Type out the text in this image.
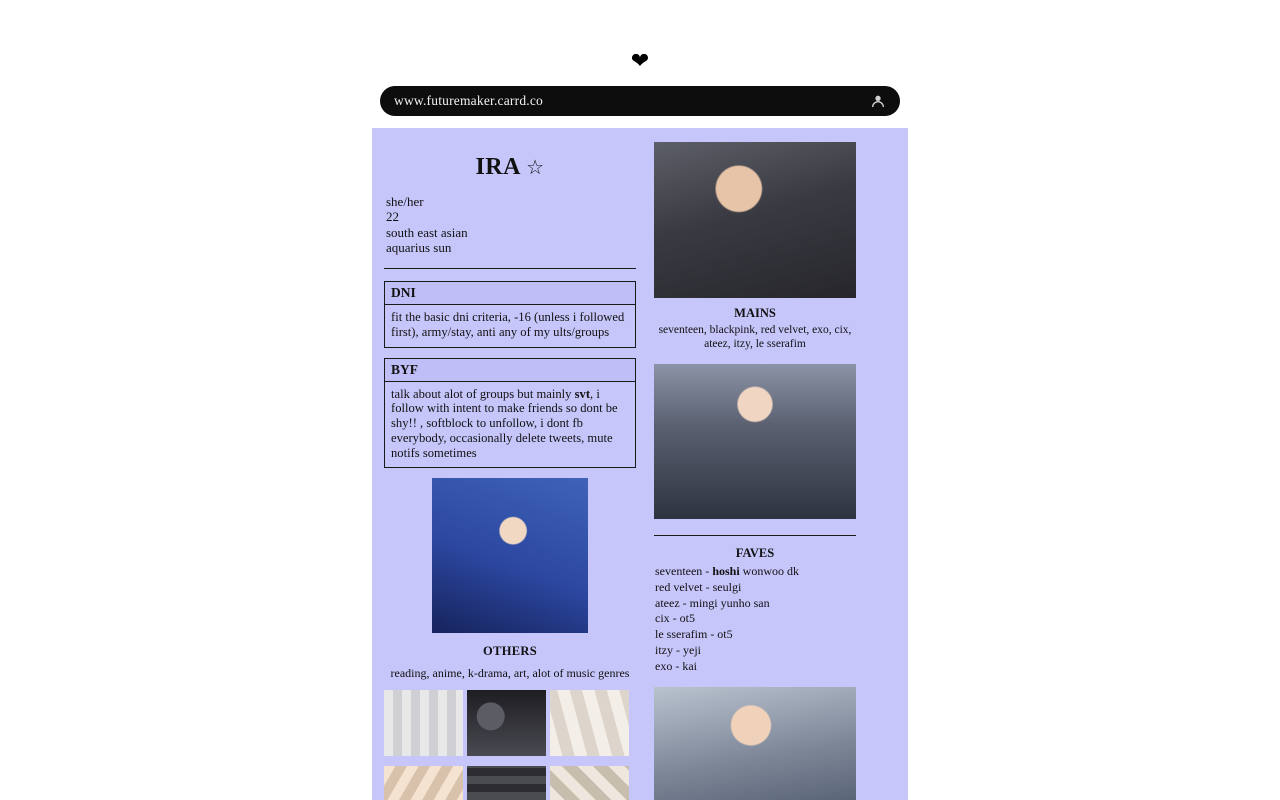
❤
www.futuremaker.carrd.co
IRA ☆
she/her
22
south east asian
aquarius sun
DNI
fit the basic dni criteria, -16 (unless i followed first), army/stay, anti any of my ults/groups
BYF
talk about alot of groups but mainly svt, i follow with intent to make friends so dont be shy!! , softblock to unfollow, i dont fb everybody, occasionally delete tweets, mute notifs sometimes
OTHERS
reading, anime, k-drama, art, alot of music genres
MAINS
seventeen, blackpink, red velvet, exo, cix, ateez, itzy, le sserafim
FAVES
seventeen - hoshi wonwoo dk
red velvet - seulgi
ateez - mingi yunho san
cix - ot5
le sserafim - ot5
itzy - yeji
exo - kai
